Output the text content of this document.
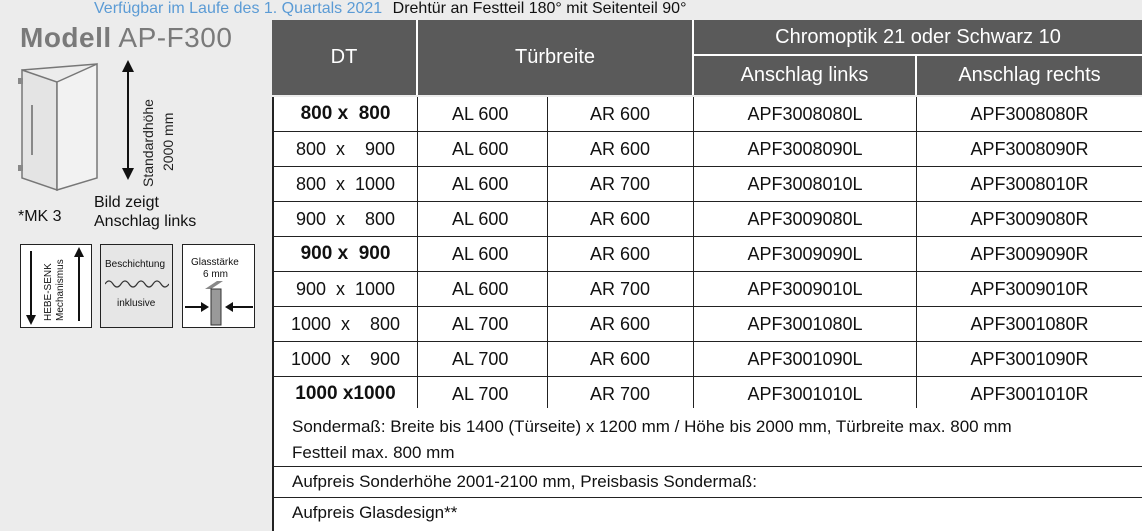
Verfügbar im Laufe des 1. Quartals 2021 Drehtür an Festteil 180° mit Seitenteil 90°
Modell AP-F300
Standardhöhe 2000 mm
*MK 3
Bild zeigt
Anschlag links
HEBE-SENK Mechanismus	Beschichtung
inklusive
Glasstärke
6 mm
DT	Türbreite
Chromoptik 21 oder Schwarz 10
Anschlag links	Anschlag rechts
800 x  800	AL 600	AR 600	APF3008080L	APF3008080R
800  x    900	AL 600	AR 600	APF3008090L	APF3008090R
800  x  1000	AL 600	AR 700	APF3008010L	APF3008010R
900  x    800	AL 600	AR 600	APF3009080L	APF3009080R
900 x  900	AL 600	AR 600	APF3009090L	APF3009090R
900  x  1000	AL 600	AR 700	APF3009010L	APF3009010R
1000  x    800	AL 700	AR 600	APF3001080L	APF3001080R
1000  x    900	AL 700	AR 600	APF3001090L	APF3001090R
1000 x1000	AL 700	AR 700	APF3001010L	APF3001010R
Sondermaß: Breite bis 1400 (Türseite) x 1200 mm / Höhe bis 2000 mm, Türbreite max. 800 mm
Festteil max. 800 mm
Aufpreis Sonderhöhe 2001-2100 mm, Preisbasis Sondermaß:
Aufpreis Glasdesign**
